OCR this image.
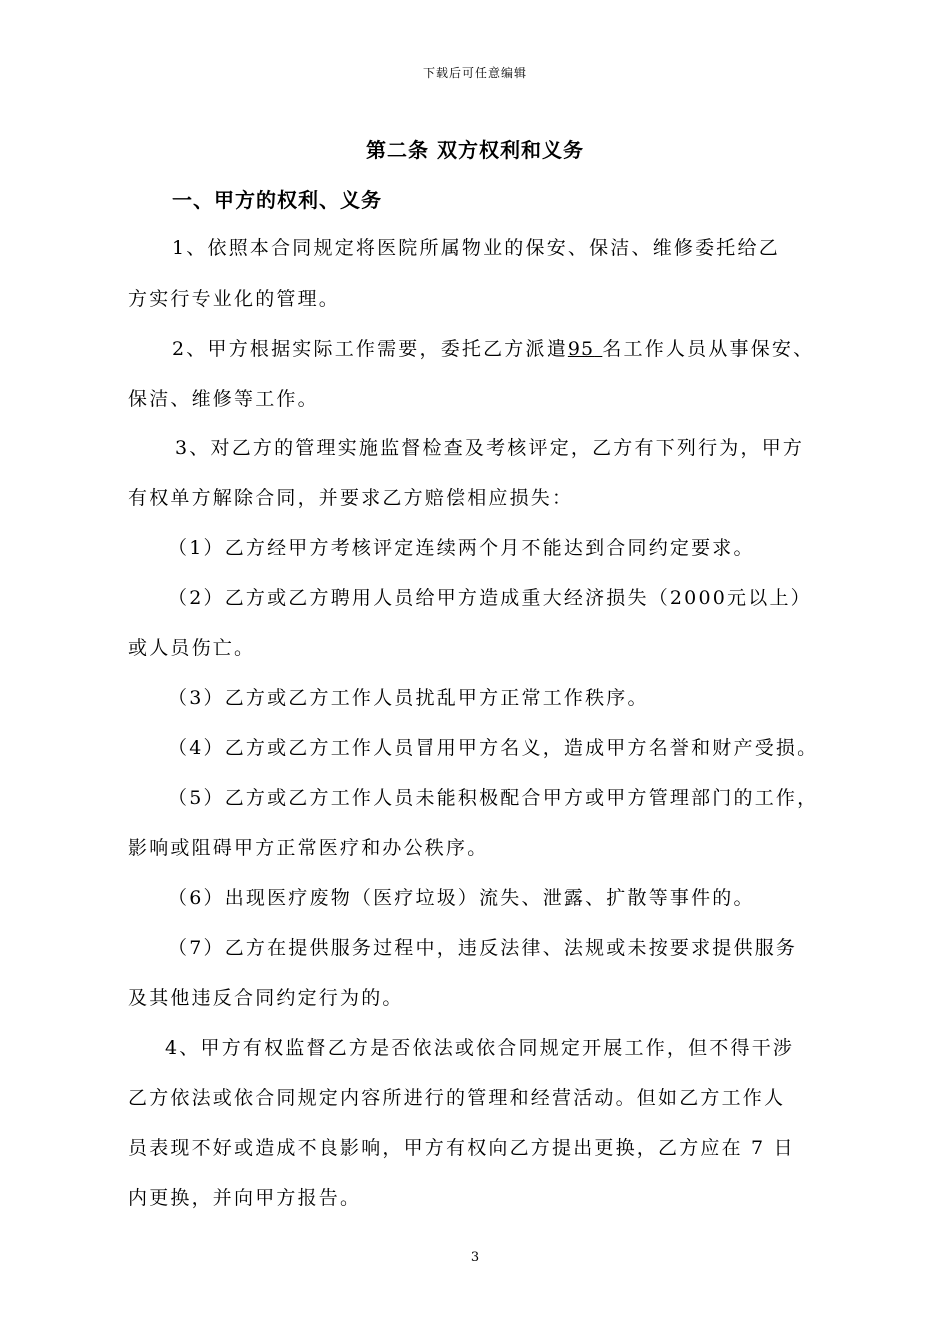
下载后可任意编辑
第二条 双方权利和义务
一、甲方的权利、义务
1、依照本合同规定将医院所属物业的保安、保洁、维修委托给乙
方实行专业化的管理。
2、甲方根据实际工作需要，委托乙方派遣95 名工作人员从事保安、
保洁、维修等工作。
3、对乙方的管理实施监督检查及考核评定，乙方有下列行为，甲方
有权单方解除合同，并要求乙方赔偿相应损失：
（1）乙方经甲方考核评定连续两个月不能达到合同约定要求。
（2）乙方或乙方聘用人员给甲方造成重大经济损失（2000元以上）
或人员伤亡。
（3）乙方或乙方工作人员扰乱甲方正常工作秩序。
（4）乙方或乙方工作人员冒用甲方名义，造成甲方名誉和财产受损。
（5）乙方或乙方工作人员未能积极配合甲方或甲方管理部门的工作，
影响或阻碍甲方正常医疗和办公秩序。
（6）出现医疗废物（医疗垃圾）流失、泄露、扩散等事件的。
（7）乙方在提供服务过程中，违反法律、法规或未按要求提供服务
及其他违反合同约定行为的。
4、甲方有权监督乙方是否依法或依合同规定开展工作，但不得干涉
乙方依法或依合同规定内容所进行的管理和经营活动。但如乙方工作人
员表现不好或造成不良影响，甲方有权向乙方提出更换，乙方应在 7 日
内更换，并向甲方报告。
3
